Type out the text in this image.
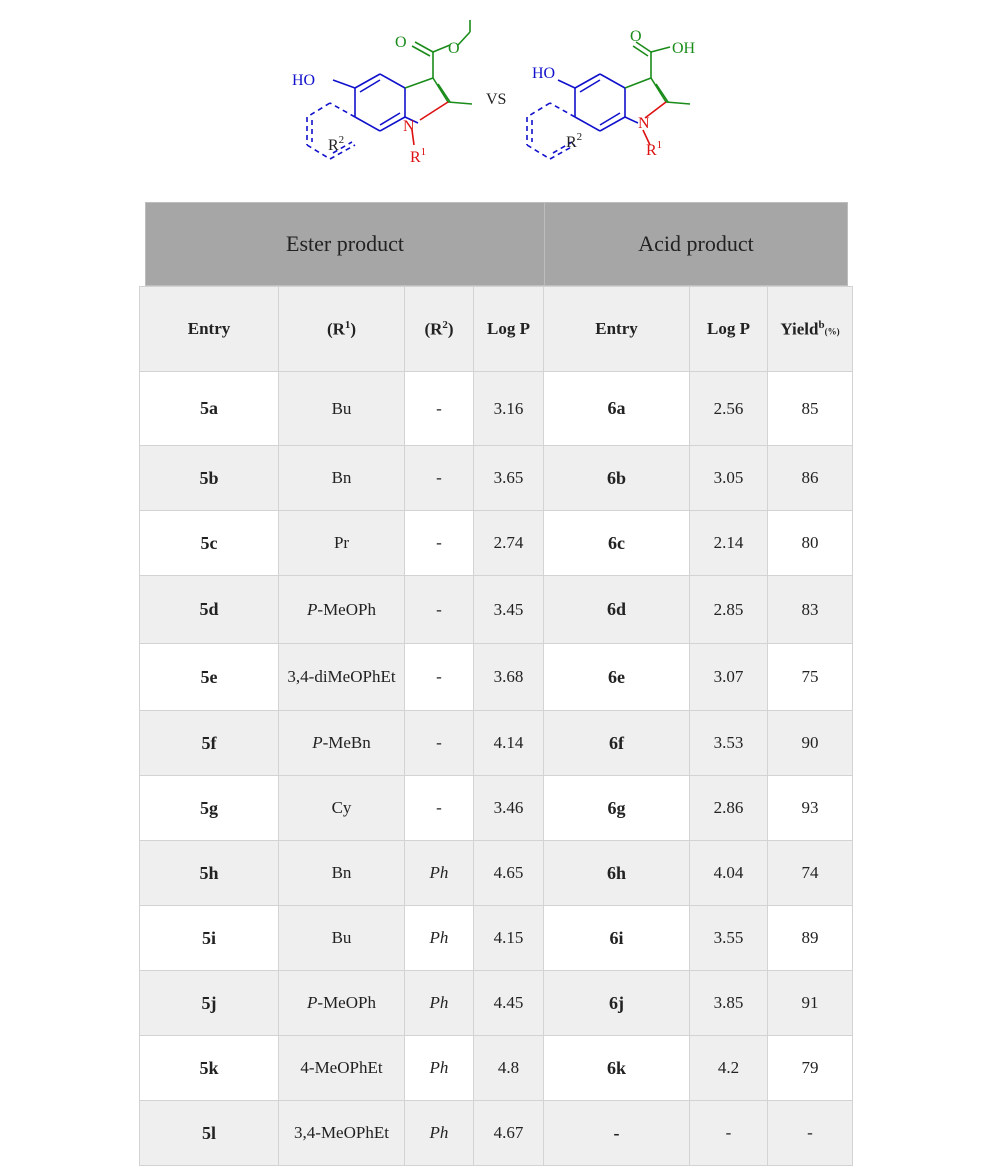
HO
O	O
N
$R^1$
$R^2$
VS
HO
O
OH
N
$R^1$
$R^2$
Ester product	Acid product
Entry	$(R^1)$	$(R^2)$	Log P	Entry	Log P	Yield$^b$(%)
5a	Bu	-	3.16	6a	2.56	85
5b	Bn	-	3.65	6b	3.05	86
5c	Pr	-	2.74	6c	2.14	80
5d	P-MeOPh	-	3.45	6d	2.85	83
5e	3,4-diMeOPhEt	-	3.68	6e	3.07	75
5f	P-MeBn	-	4.14	6f	3.53	90
5g	Cy	-	3.46	6g	2.86	93
5h	Bn	Ph	4.65	6h	4.04	74
5i	Bu	Ph	4.15	6i	3.55	89
5j	P-MeOPh	Ph	4.45	6j	3.85	91
5k	4-MeOPhEt	Ph	4.8	6k	4.2	79
5l	3,4-MeOPhEt	Ph	4.67	-	-	-
